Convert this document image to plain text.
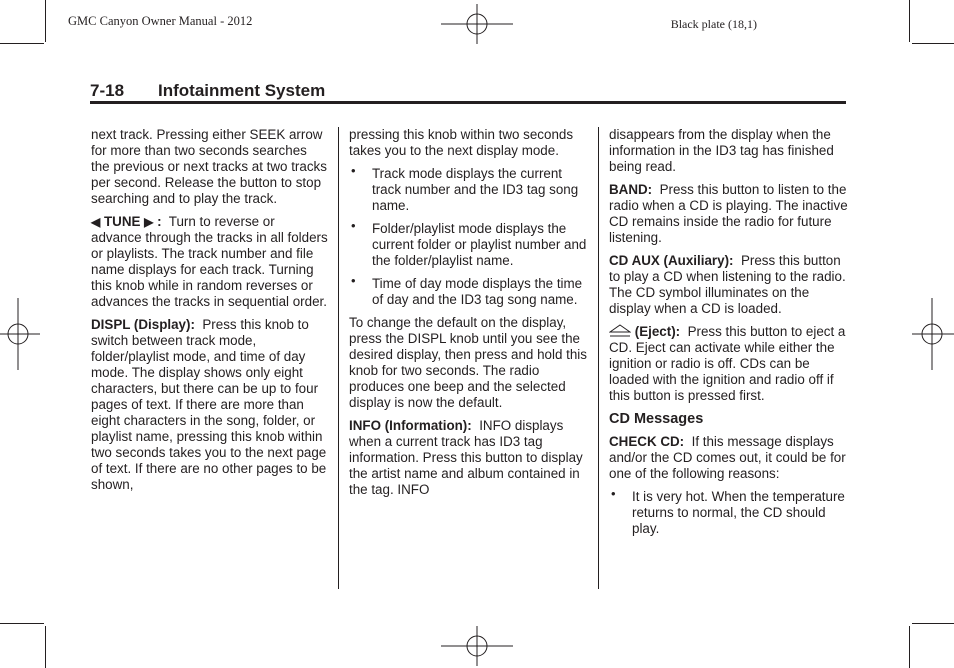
GMC Canyon Owner Manual - 2012	Black plate (18,1)
7-18 Infotainment System

next track. Pressing either SEEK arrow for more than two seconds searches the previous or next tracks at two tracks per second. Release the button to stop searching and to play the track.

◀ TUNE ▶ : Turn to reverse or advance through the tracks in all folders or playlists. The track number and file name displays for each track. Turning this knob while in random reverses or advances the tracks in sequential order.

DISPL (Display): Press this knob to switch between track mode, folder/playlist mode, and time of day mode. The display shows only eight characters, but there can be up to four pages of text. If there are more than eight characters in the song, folder, or playlist name, pressing this knob within two seconds takes you to the next page of text. If there are no other pages to be shown,

pressing this knob within two seconds takes you to the next display mode.

• Track mode displays the current track number and the ID3 tag song name.
• Folder/playlist mode displays the current folder or playlist number and the folder/playlist name.
• Time of day mode displays the time of day and the ID3 tag song name.

To change the default on the display, press the DISPL knob until you see the desired display, then press and hold this knob for two seconds. The radio produces one beep and the selected display is now the default.

INFO (Information): INFO displays when a current track has ID3 tag information. Press this button to display the artist name and album contained in the tag. INFO

disappears from the display when the information in the ID3 tag has finished being read.

BAND: Press this button to listen to the radio when a CD is playing. The inactive CD remains inside the radio for future listening.

CD AUX (Auxiliary): Press this button to play a CD when listening to the radio. The CD symbol illuminates on the display when a CD is loaded.

(Eject): Press this button to eject a CD. Eject can activate while either the ignition or radio is off. CDs can be loaded with the ignition and radio off if this button is pressed first.

CD Messages

CHECK CD: If this message displays and/or the CD comes out, it could be for one of the following reasons:

• It is very hot. When the temperature returns to normal, the CD should play.
